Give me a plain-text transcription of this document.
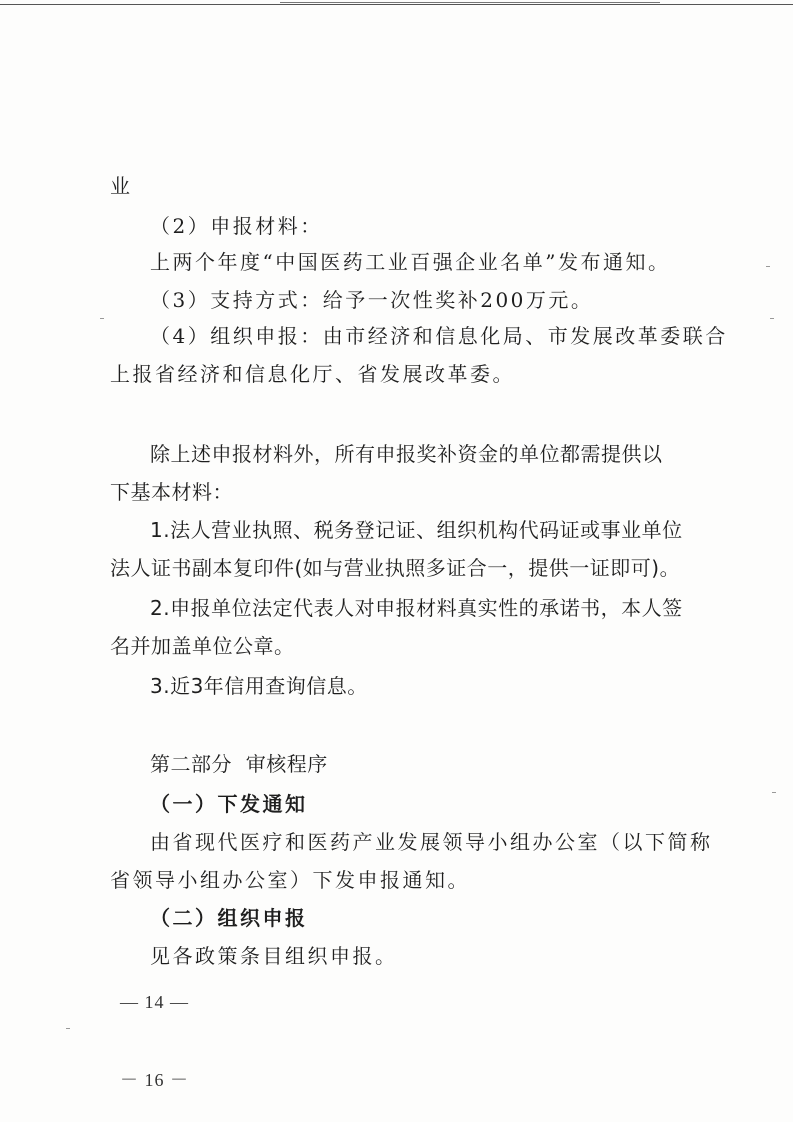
业
（2）申报材料：
上两个年度“中国医药工业百强企业名单”发布通知。
（3）支持方式：给予一次性奖补200万元。
（4）组织申报：由市经济和信息化局、市发展改革委联合
上报省经济和信息化厅、省发展改革委。
除上述申报材料外，所有申报奖补资金的单位都需提供以
下基本材料：
1.法人营业执照、税务登记证、组织机构代码证或事业单位
法人证书副本复印件(如与营业执照多证合一，提供一证即可)。
2.申报单位法定代表人对申报材料真实性的承诺书，本人签
名并加盖单位公章。
3.近3年信用查询信息。
第二部分  审核程序
（一）下发通知
由省现代医疗和医药产业发展领导小组办公室（以下简称
省领导小组办公室）下发申报通知。
（二）组织申报
见各政策条目组织申报。
— 14 —
－ 16 －
